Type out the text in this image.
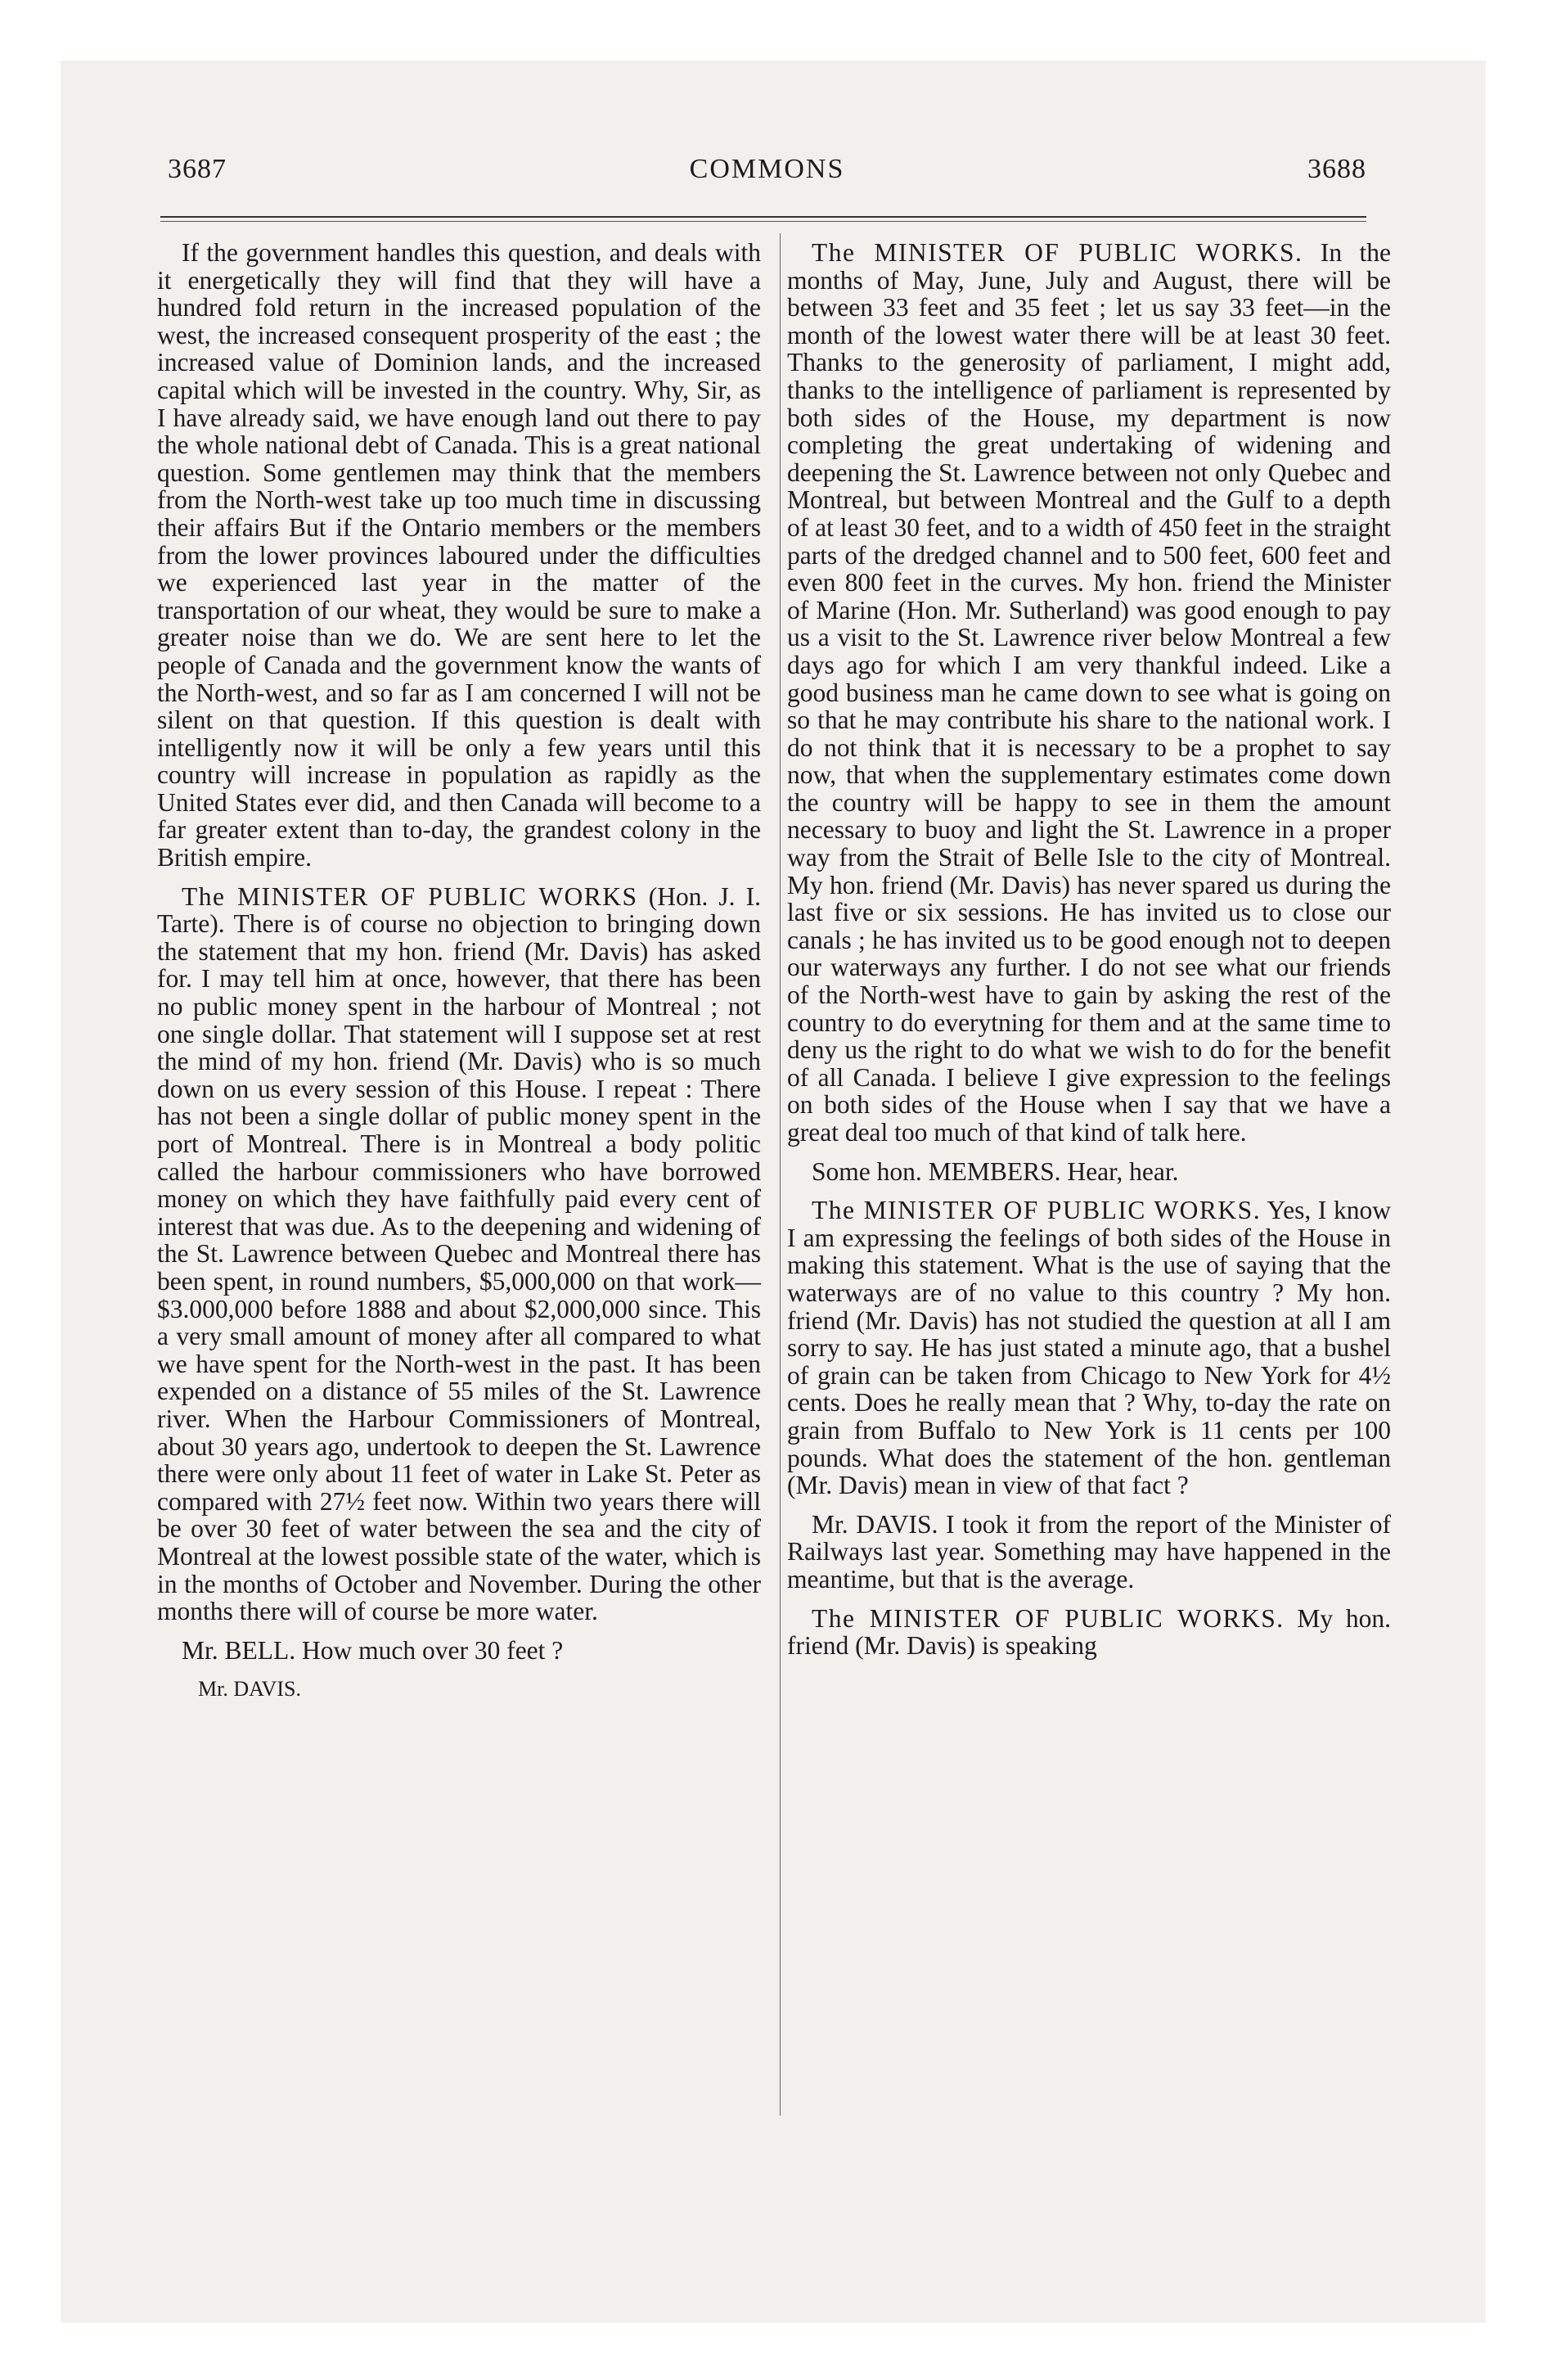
3687	COMMONS	3688

If the government handles this question, and deals with it energetically they will find that they will have a hundred fold return in the increased population of the west, the increased consequent prosperity of the east ; the increased value of Dominion lands, and the increased capital which will be invested in the country. Why, Sir, as I have already said, we have enough land out there to pay the whole national debt of Canada. This is a great national question. Some gentlemen may think that the members from the North-west take up too much time in discussing their affairs But if the Ontario members or the members from the lower provinces laboured under the difficulties we experienced last year in the matter of the transportation of our wheat, they would be sure to make a greater noise than we do. We are sent here to let the people of Canada and the government know the wants of the North-west, and so far as I am concerned I will not be silent on that question. If this question is dealt with intelligently now it will be only a few years until this country will increase in population as rapidly as the United States ever did, and then Canada will become to a far greater extent than to-day, the grandest colony in the British empire.

The MINISTER OF PUBLIC WORKS (Hon. J. I. Tarte). There is of course no objection to bringing down the statement that my hon. friend (Mr. Davis) has asked for. I may tell him at once, however, that there has been no public money spent in the harbour of Montreal ; not one single dollar. That statement will I suppose set at rest the mind of my hon. friend (Mr. Davis) who is so much down on us every session of this House. I repeat : There has not been a single dollar of public money spent in the port of Montreal. There is in Montreal a body politic called the harbour commissioners who have borrowed money on which they have faithfully paid every cent of interest that was due. As to the deepening and widening of the St. Lawrence between Quebec and Montreal there has been spent, in round numbers, $5,000,000 on that work—$3.000,000 before 1888 and about $2,000,000 since. This a very small amount of money after all compared to what we have spent for the North-west in the past. It has been expended on a distance of 55 miles of the St. Lawrence river. When the Harbour Commissioners of Montreal, about 30 years ago, undertook to deepen the St. Lawrence there were only about 11 feet of water in Lake St. Peter as compared with 27½ feet now. Within two years there will be over 30 feet of water between the sea and the city of Montreal at the lowest possible state of the water, which is in the months of October and November. During the other months there will of course be more water.

Mr. BELL. How much over 30 feet ?

Mr. DAVIS.

The MINISTER OF PUBLIC WORKS. In the months of May, June, July and August, there will be between 33 feet and 35 feet ; let us say 33 feet—in the month of the lowest water there will be at least 30 feet. Thanks to the generosity of parliament, I might add, thanks to the intelligence of parliament is represented by both sides of the House, my department is now completing the great undertaking of widening and deepening the St. Lawrence between not only Quebec and Montreal, but between Montreal and the Gulf to a depth of at least 30 feet, and to a width of 450 feet in the straight parts of the dredged channel and to 500 feet, 600 feet and even 800 feet in the curves. My hon. friend the Minister of Marine (Hon. Mr. Sutherland) was good enough to pay us a visit to the St. Lawrence river below Montreal a few days ago for which I am very thankful indeed. Like a good business man he came down to see what is going on so that he may contribute his share to the national work. I do not think that it is necessary to be a prophet to say now, that when the supplementary estimates come down the country will be happy to see in them the amount necessary to buoy and light the St. Lawrence in a proper way from the Strait of Belle Isle to the city of Montreal. My hon. friend (Mr. Davis) has never spared us during the last five or six sessions. He has invited us to close our canals ; he has invited us to be good enough not to deepen our waterways any further. I do not see what our friends of the North-west have to gain by asking the rest of the country to do everytning for them and at the same time to deny us the right to do what we wish to do for the benefit of all Canada. I believe I give expression to the feelings on both sides of the House when I say that we have a great deal too much of that kind of talk here.

Some hon. MEMBERS. Hear, hear.

The MINISTER OF PUBLIC WORKS. Yes, I know I am expressing the feelings of both sides of the House in making this statement. What is the use of saying that the waterways are of no value to this country ? My hon. friend (Mr. Davis) has not studied the question at all I am sorry to say. He has just stated a minute ago, that a bushel of grain can be taken from Chicago to New York for 4½ cents. Does he really mean that ? Why, to-day the rate on grain from Buffalo to New York is 11 cents per 100 pounds. What does the statement of the hon. gentleman (Mr. Davis) mean in view of that fact ?

Mr. DAVIS. I took it from the report of the Minister of Railways last year. Something may have happened in the meantime, but that is the average.

The MINISTER OF PUBLIC WORKS. My hon. friend (Mr. Davis) is speaking
